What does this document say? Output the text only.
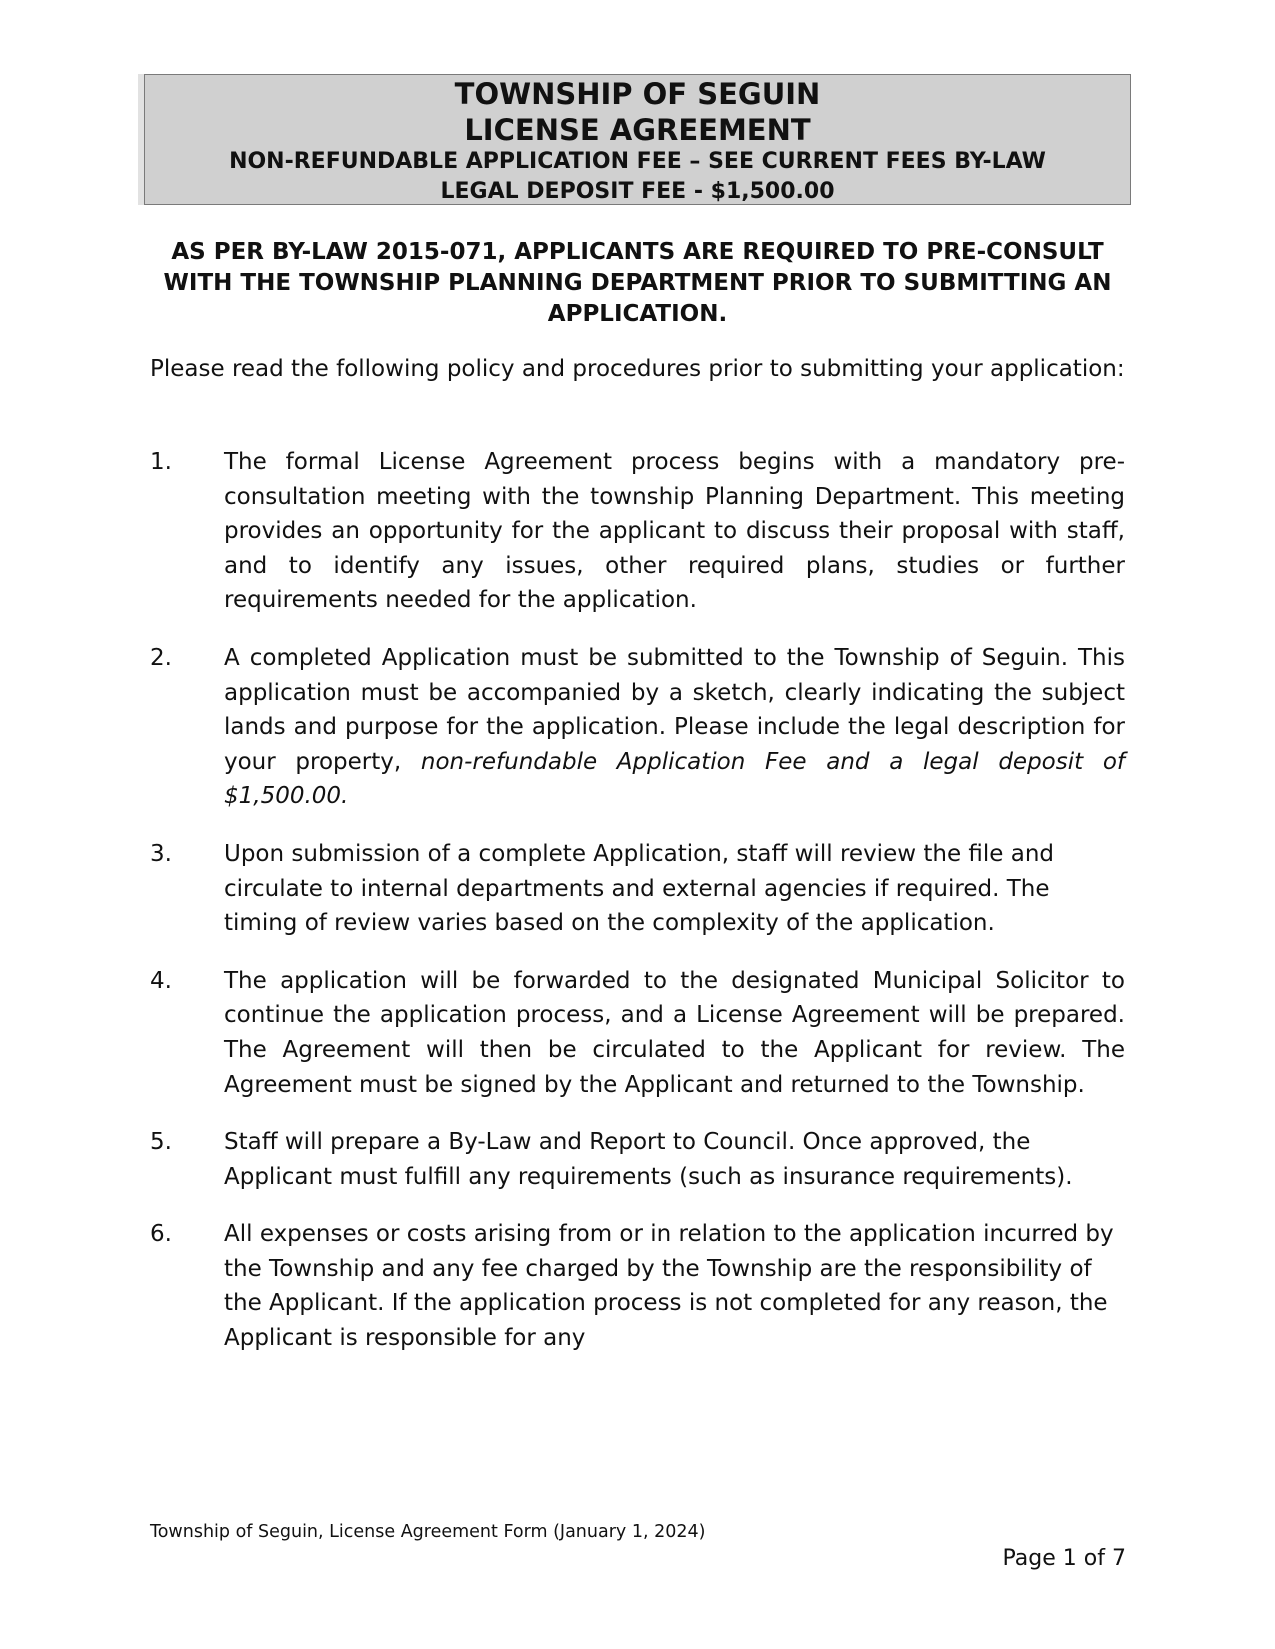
TOWNSHIP OF SEGUIN
LICENSE AGREEMENT
NON-REFUNDABLE APPLICATION FEE – SEE CURRENT FEES BY-LAW
LEGAL DEPOSIT FEE - $1,500.00
AS PER BY-LAW 2015-071, APPLICANTS ARE REQUIRED TO PRE-CONSULT WITH THE TOWNSHIP PLANNING DEPARTMENT PRIOR TO SUBMITTING AN APPLICATION.
Please read the following policy and procedures prior to submitting your application:
1. The formal License Agreement process begins with a mandatory pre-consultation meeting with the township Planning Department. This meeting provides an opportunity for the applicant to discuss their proposal with staff, and to identify any issues, other required plans, studies or further requirements needed for the application.
2. A completed Application must be submitted to the Township of Seguin. This application must be accompanied by a sketch, clearly indicating the subject lands and purpose for the application. Please include the legal description for your property, non-refundable Application Fee and a legal deposit of $1,500.00.
3. Upon submission of a complete Application, staff will review the file and circulate to internal departments and external agencies if required. The timing of review varies based on the complexity of the application.
4. The application will be forwarded to the designated Municipal Solicitor to continue the application process, and a License Agreement will be prepared. The Agreement will then be circulated to the Applicant for review. The Agreement must be signed by the Applicant and returned to the Township.
5. Staff will prepare a By-Law and Report to Council. Once approved, the Applicant must fulfill any requirements (such as insurance requirements).
6. All expenses or costs arising from or in relation to the application incurred by the Township and any fee charged by the Township are the responsibility of the Applicant. If the application process is not completed for any reason, the Applicant is responsible for any
Township of Seguin, License Agreement Form (January 1, 2024)
Page 1 of 7
